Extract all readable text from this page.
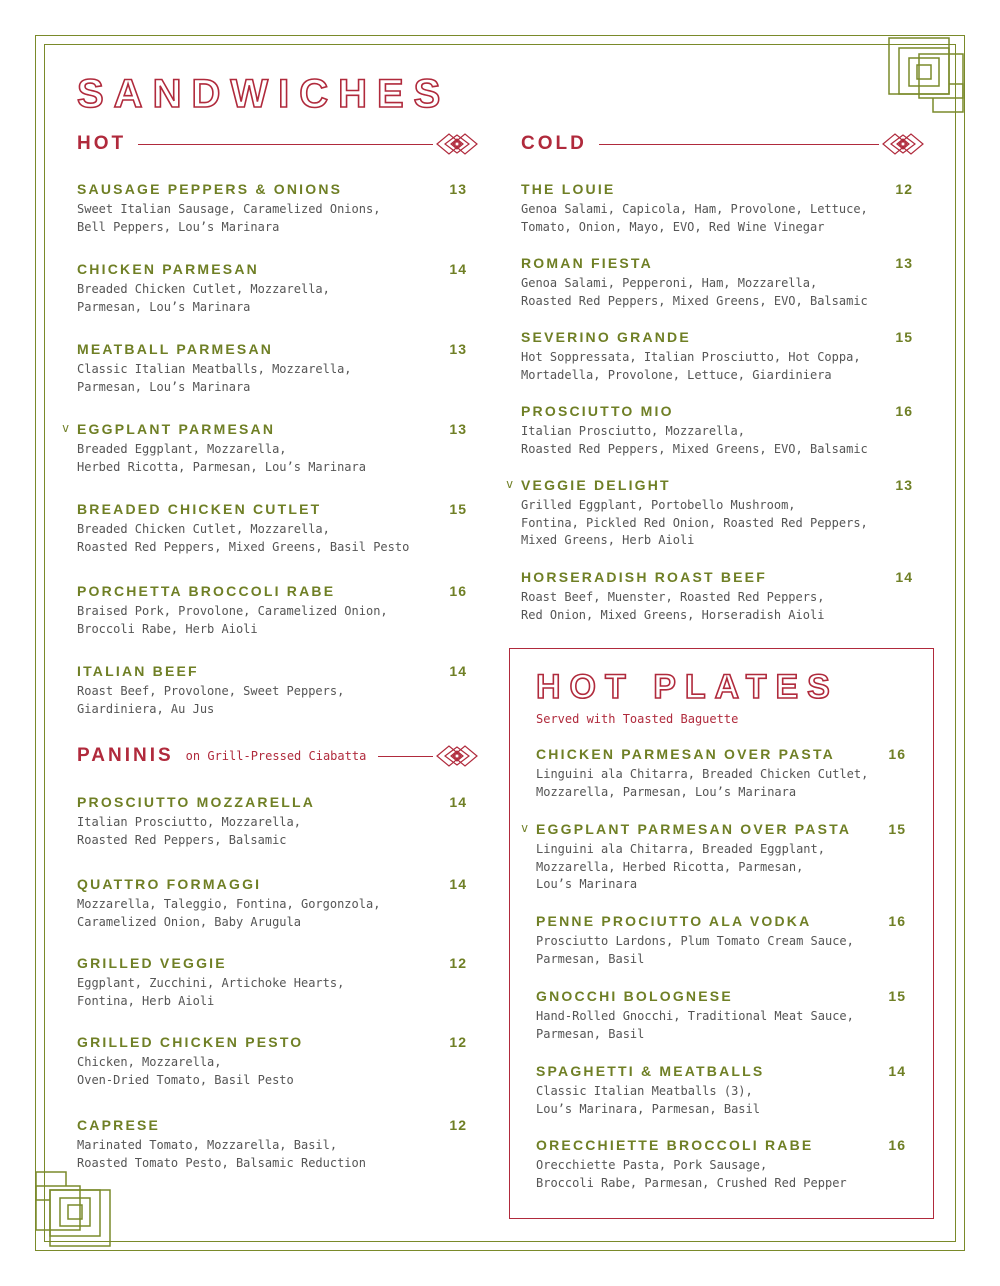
SANDWICHES
HOT
SAUSAGE PEPPERS & ONIONS	13
Sweet Italian Sausage, Caramelized Onions,
Bell Peppers, Lou’s Marinara
CHICKEN PARMESAN	14
Breaded Chicken Cutlet, Mozzarella,
Parmesan, Lou’s Marinara
MEATBALL PARMESAN	13
Classic Italian Meatballs, Mozzarella,
Parmesan, Lou’s Marinara
v EGGPLANT PARMESAN	13
Breaded Eggplant, Mozzarella,
Herbed Ricotta, Parmesan, Lou’s Marinara
BREADED CHICKEN CUTLET	15
Breaded Chicken Cutlet, Mozzarella,
Roasted Red Peppers, Mixed Greens, Basil Pesto
PORCHETTA BROCCOLI RABE	16
Braised Pork, Provolone, Caramelized Onion,
Broccoli Rabe, Herb Aioli
ITALIAN BEEF	14
Roast Beef, Provolone, Sweet Peppers,
Giardiniera, Au Jus
PANINIS on Grill-Pressed Ciabatta
PROSCIUTTO MOZZARELLA	14
Italian Prosciutto, Mozzarella,
Roasted Red Peppers, Balsamic
QUATTRO FORMAGGI	14
Mozzarella, Taleggio, Fontina, Gorgonzola,
Caramelized Onion, Baby Arugula
GRILLED VEGGIE	12
Eggplant, Zucchini, Artichoke Hearts,
Fontina, Herb Aioli
GRILLED CHICKEN PESTO	12
Chicken, Mozzarella,
Oven-Dried Tomato, Basil Pesto
CAPRESE	12
Marinated Tomato, Mozzarella, Basil,
Roasted Tomato Pesto, Balsamic Reduction
COLD
THE LOUIE	12
Genoa Salami, Capicola, Ham, Provolone, Lettuce,
Tomato, Onion, Mayo, EVO, Red Wine Vinegar
ROMAN FIESTA	13
Genoa Salami, Pepperoni, Ham, Mozzarella,
Roasted Red Peppers, Mixed Greens, EVO, Balsamic
SEVERINO GRANDE	15
Hot Soppressata, Italian Prosciutto, Hot Coppa,
Mortadella, Provolone, Lettuce, Giardiniera
PROSCIUTTO MIO	16
Italian Prosciutto, Mozzarella,
Roasted Red Peppers, Mixed Greens, EVO, Balsamic
v VEGGIE DELIGHT	13
Grilled Eggplant, Portobello Mushroom,
Fontina, Pickled Red Onion, Roasted Red Peppers,
Mixed Greens, Herb Aioli
HORSERADISH ROAST BEEF	14
Roast Beef, Muenster, Roasted Red Peppers,
Red Onion, Mixed Greens, Horseradish Aioli
HOT PLATES

Served with Toasted Baguette

CHICKEN PARMESAN OVER PASTA	16
Linguini ala Chitarra, Breaded Chicken Cutlet,
Mozzarella, Parmesan, Lou’s Marinara
v EGGPLANT PARMESAN OVER PASTA	15
Linguini ala Chitarra, Breaded Eggplant,
Mozzarella, Herbed Ricotta, Parmesan,
Lou’s Marinara
PENNE PROCIUTTO ALA VODKA	16
Prosciutto Lardons, Plum Tomato Cream Sauce,
Parmesan, Basil
GNOCCHI BOLOGNESE	15
Hand-Rolled Gnocchi, Traditional Meat Sauce,
Parmesan, Basil
SPAGHETTI & MEATBALLS	14
Classic Italian Meatballs (3),
Lou’s Marinara, Parmesan, Basil
ORECCHIETTE BROCCOLI RABE	16
Orecchiette Pasta, Pork Sausage,
Broccoli Rabe, Parmesan, Crushed Red Pepper
